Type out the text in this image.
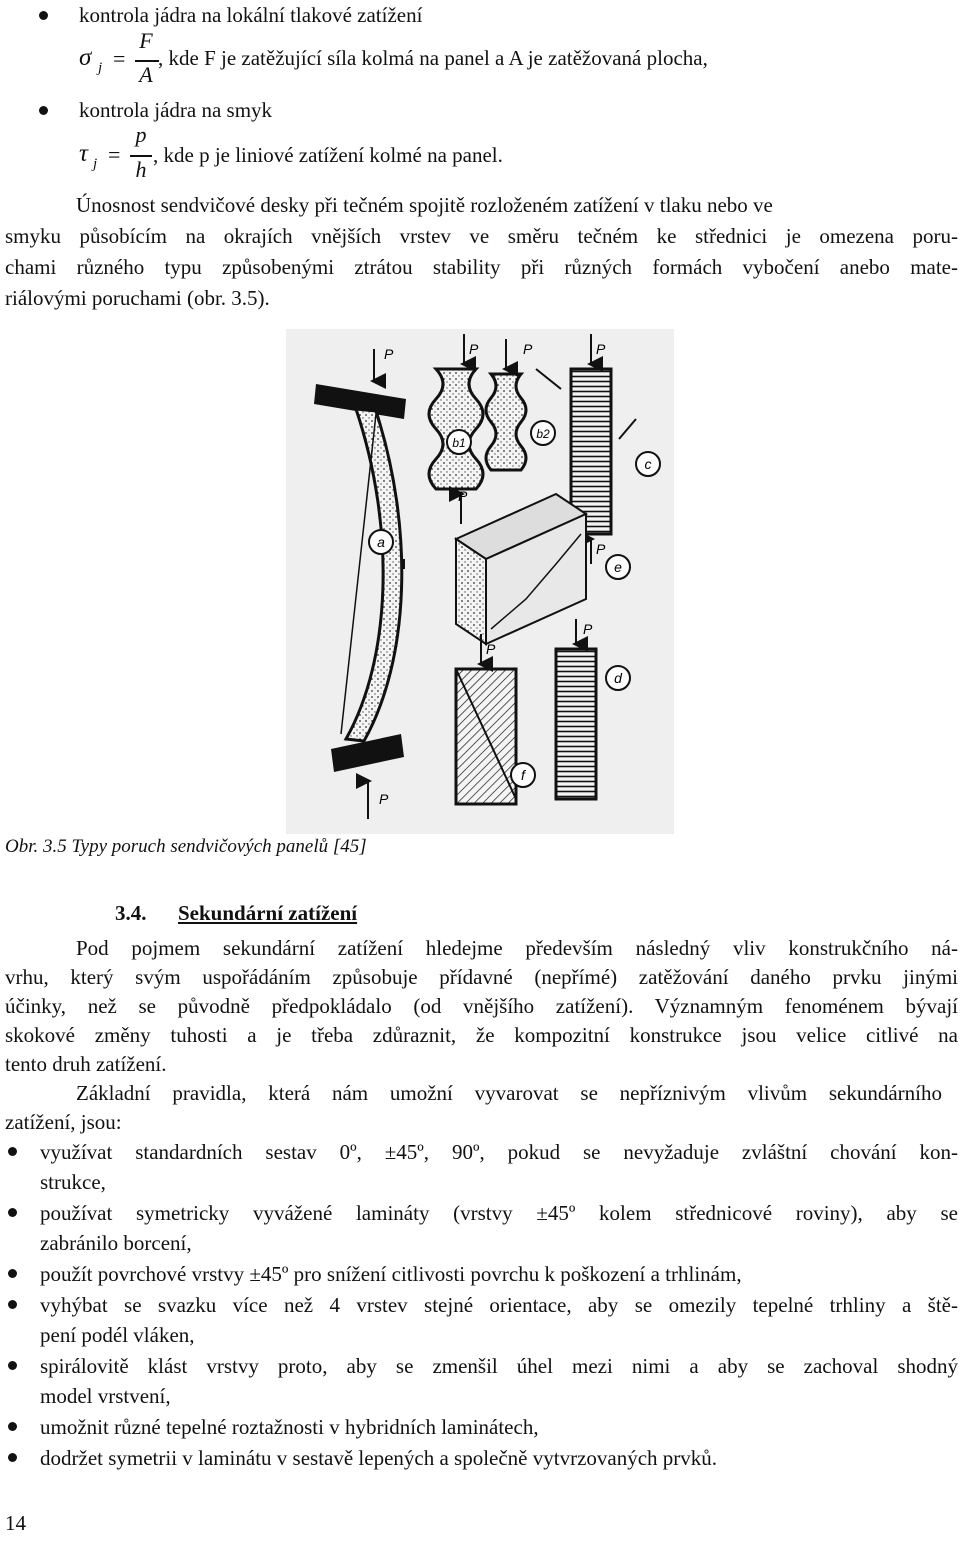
kontrola jádra na lokální tlakové zatížení
σ j =
F
A
, kde F je zatěžující síla kolmá na panel a A je zatěžovaná plocha,
kontrola jádra na smyk
τ j =
p
h
, kde p je liniové zatížení kolmé na panel.
Únosnost sendvičové desky při tečném spojitě rozloženém zatížení v tlaku nebo ve
smyku působícím na okrajích vnějších vrstev ve směru tečném ke střednici je omezena poru-
chami různého typu způsobenými ztrátou stability při různých formách vybočení anebo mate-
riálovými poruchami (obr. 3.5).
a
b1
b2
c
e
d
f
P
P
P
P
P	P
P
P
P
Obr. 3.5 Typy poruch sendvičových panelů [45]
3.4. Sekundární zatížení
Pod pojmem sekundární zatížení hledejme především následný vliv konstrukčního ná-
vrhu, který svým uspořádáním způsobuje přídavné (nepřímé) zatěžování daného prvku jinými
účinky, než se původně předpokládalo (od vnějšího zatížení). Významným fenoménem bývají
skokové změny tuhosti a je třeba zdůraznit, že kompozitní konstrukce jsou velice citlivé na
tento druh zatížení.
Základní pravidla, která nám umožní vyvarovat se nepříznivým vlivům sekundárního
zatížení, jsou:
využívat standardních sestav 0º, ±45º, 90º, pokud se nevyžaduje zvláštní chování kon-
strukce,
používat symetricky vyvážené lamináty (vrstvy ±45º kolem střednicové roviny), aby se
zabránilo borcení,
použít povrchové vrstvy ±45º pro snížení citlivosti povrchu k poškození a trhlinám,
vyhýbat se svazku více než 4 vrstev stejné orientace, aby se omezily tepelné trhliny a ště-
pení podél vláken,
spirálovitě klást vrstvy proto, aby se zmenšil úhel mezi nimi a aby se zachoval shodný
model vrstvení,
umožnit různé tepelné roztažnosti v hybridních laminátech,
dodržet symetrii v laminátu v sestavě lepených a společně vytvrzovaných prvků.
14
